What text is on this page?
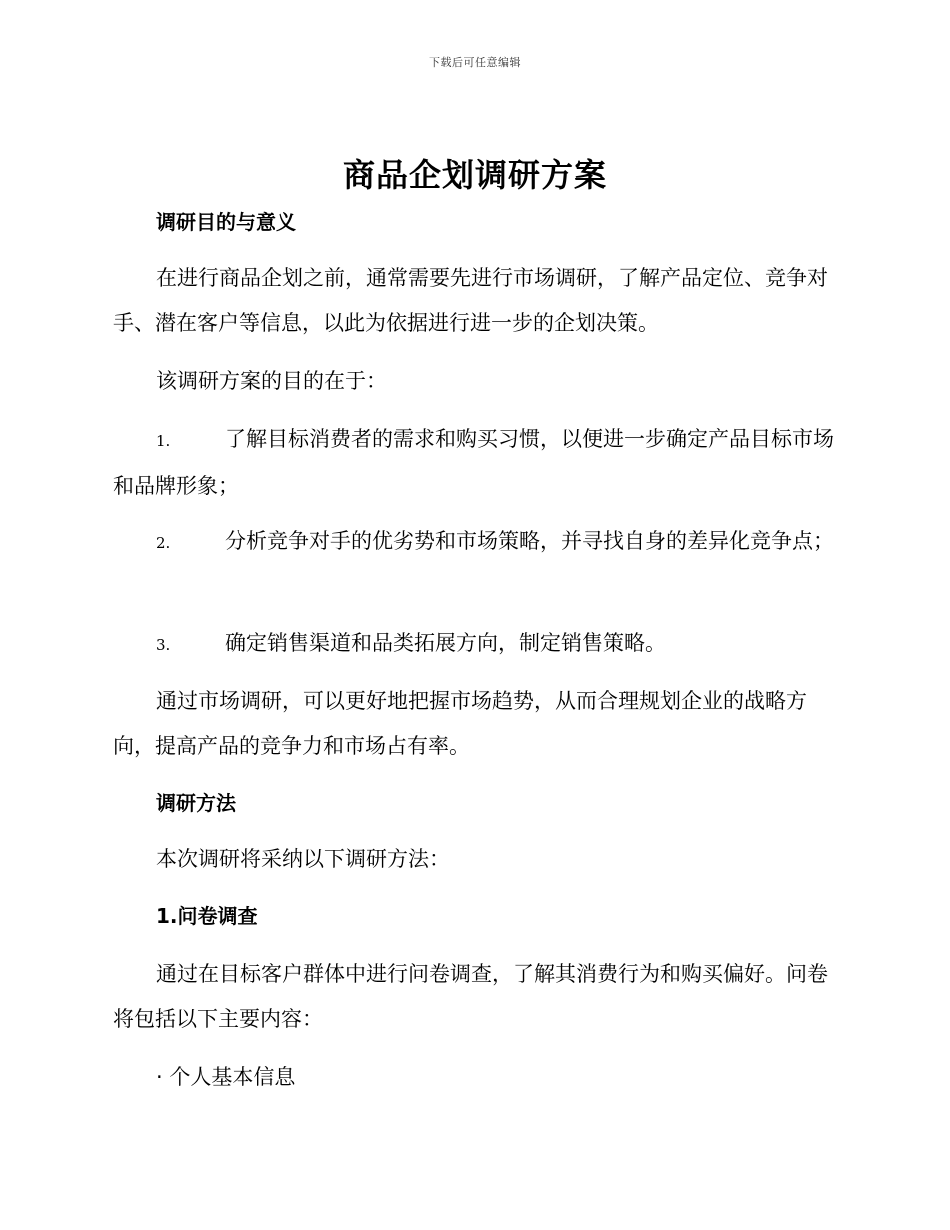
下载后可任意编辑
商品企划调研方案

调研目的与意义

在进行商品企划之前，通常需要先进行市场调研，了解产品定位、竞争对手、潜在客户等信息，以此为依据进行进一步的企划决策。

该调研方案的目的在于：

1.	了解目标消费者的需求和购买习惯，以便进一步确定产品目标市场和品牌形象；

2.	分析竞争对手的优劣势和市场策略，并寻找自身的差异化竞争点；

3.	确定销售渠道和品类拓展方向，制定销售策略。

通过市场调研，可以更好地把握市场趋势，从而合理规划企业的战略方向，提高产品的竞争力和市场占有率。

调研方法

本次调研将采纳以下调研方法：

1.问卷调查

通过在目标客户群体中进行问卷调查，了解其消费行为和购买偏好。问卷将包括以下主要内容：

· 个人基本信息
